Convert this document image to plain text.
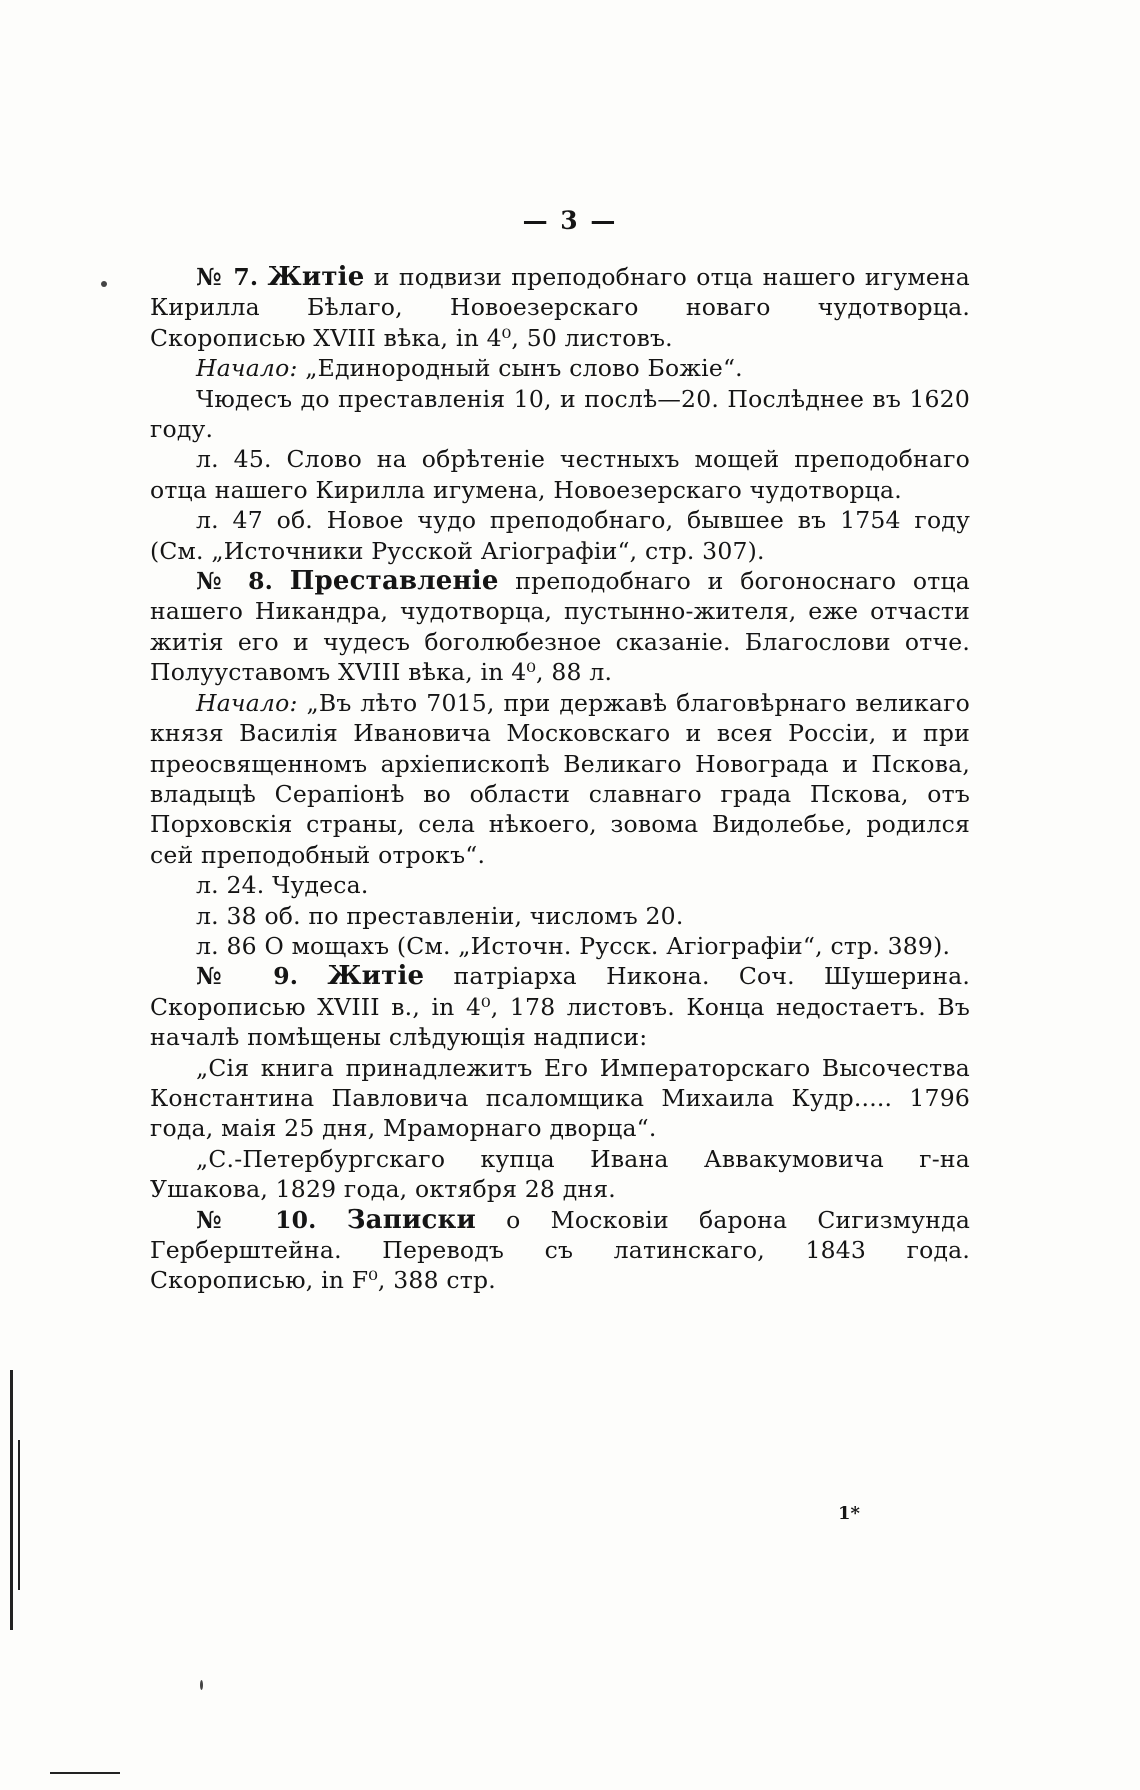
— 3 —

№ 7. Житiе и подвизи преподобнаго отца нашего игумена Кирилла Бѣлаго, Новоезерскаго новаго чудотворца. Скорописью XVIII вѣка, in 4⁰, 50 листовъ.

Начало: „Единородный сынъ слово Божiе“.

Чюдесъ до преставленiя 10, и послѣ—20. Послѣднее въ 1620 году.

л. 45. Слово на обрѣтенiе честныхъ мощей преподобнаго отца нашего Кирилла игумена, Новоезерскаго чудотворца.

л. 47 об. Новое чудо преподобнаго, бывшее въ 1754 году (См. „Источники Русской Агiографiи“, стр. 307).

№ 8. Преставленiе преподобнаго и богоноснаго отца нашего Никандра, чудотворца, пустынно-жителя, еже отчасти житiя его и чудесъ боголюбезное сказанiе. Благослови отче. Полууставомъ XVIII вѣка, in 4⁰, 88 л.

Начало: „Въ лѣто 7015, при державѣ благовѣрнаго великаго князя Василiя Ивановича Московскаго и всея Россiи, и при преосвященномъ архiепископѣ Великаго Новограда и Пскова, владыцѣ Серапiонѣ во области славнаго града Пскова, отъ Порховскiя страны, села нѣкоего, зовома Видолебье, родился сей преподобный отрокъ“.

л. 24. Чудеса.

л. 38 об. по преставленiи, числомъ 20.

л. 86 О мощахъ (См. „Источн. Русск. Агiографiи“, стр. 389).

№ 9. Житiе патрiарха Никона. Соч. Шушерина. Скорописью XVIII в., in 4⁰, 178 листовъ. Конца недостаетъ. Въ началѣ помѣщены слѣдующiя надписи:

„Сiя книга принадлежитъ Его Императорскаго Высочества Константина Павловича псаломщика Михаила Кудр..... 1796 года, маiя 25 дня, Мраморнаго дворца“.

„С.-Петербургскаго купца Ивана Аввакумовича г-на Ушакова, 1829 года, октября 28 дня.

№ 10. Записки о Московiи барона Сигизмунда Герберштейна. Переводъ съ латинскаго, 1843 года. Скорописью, in F⁰, 388 стр.

1*
